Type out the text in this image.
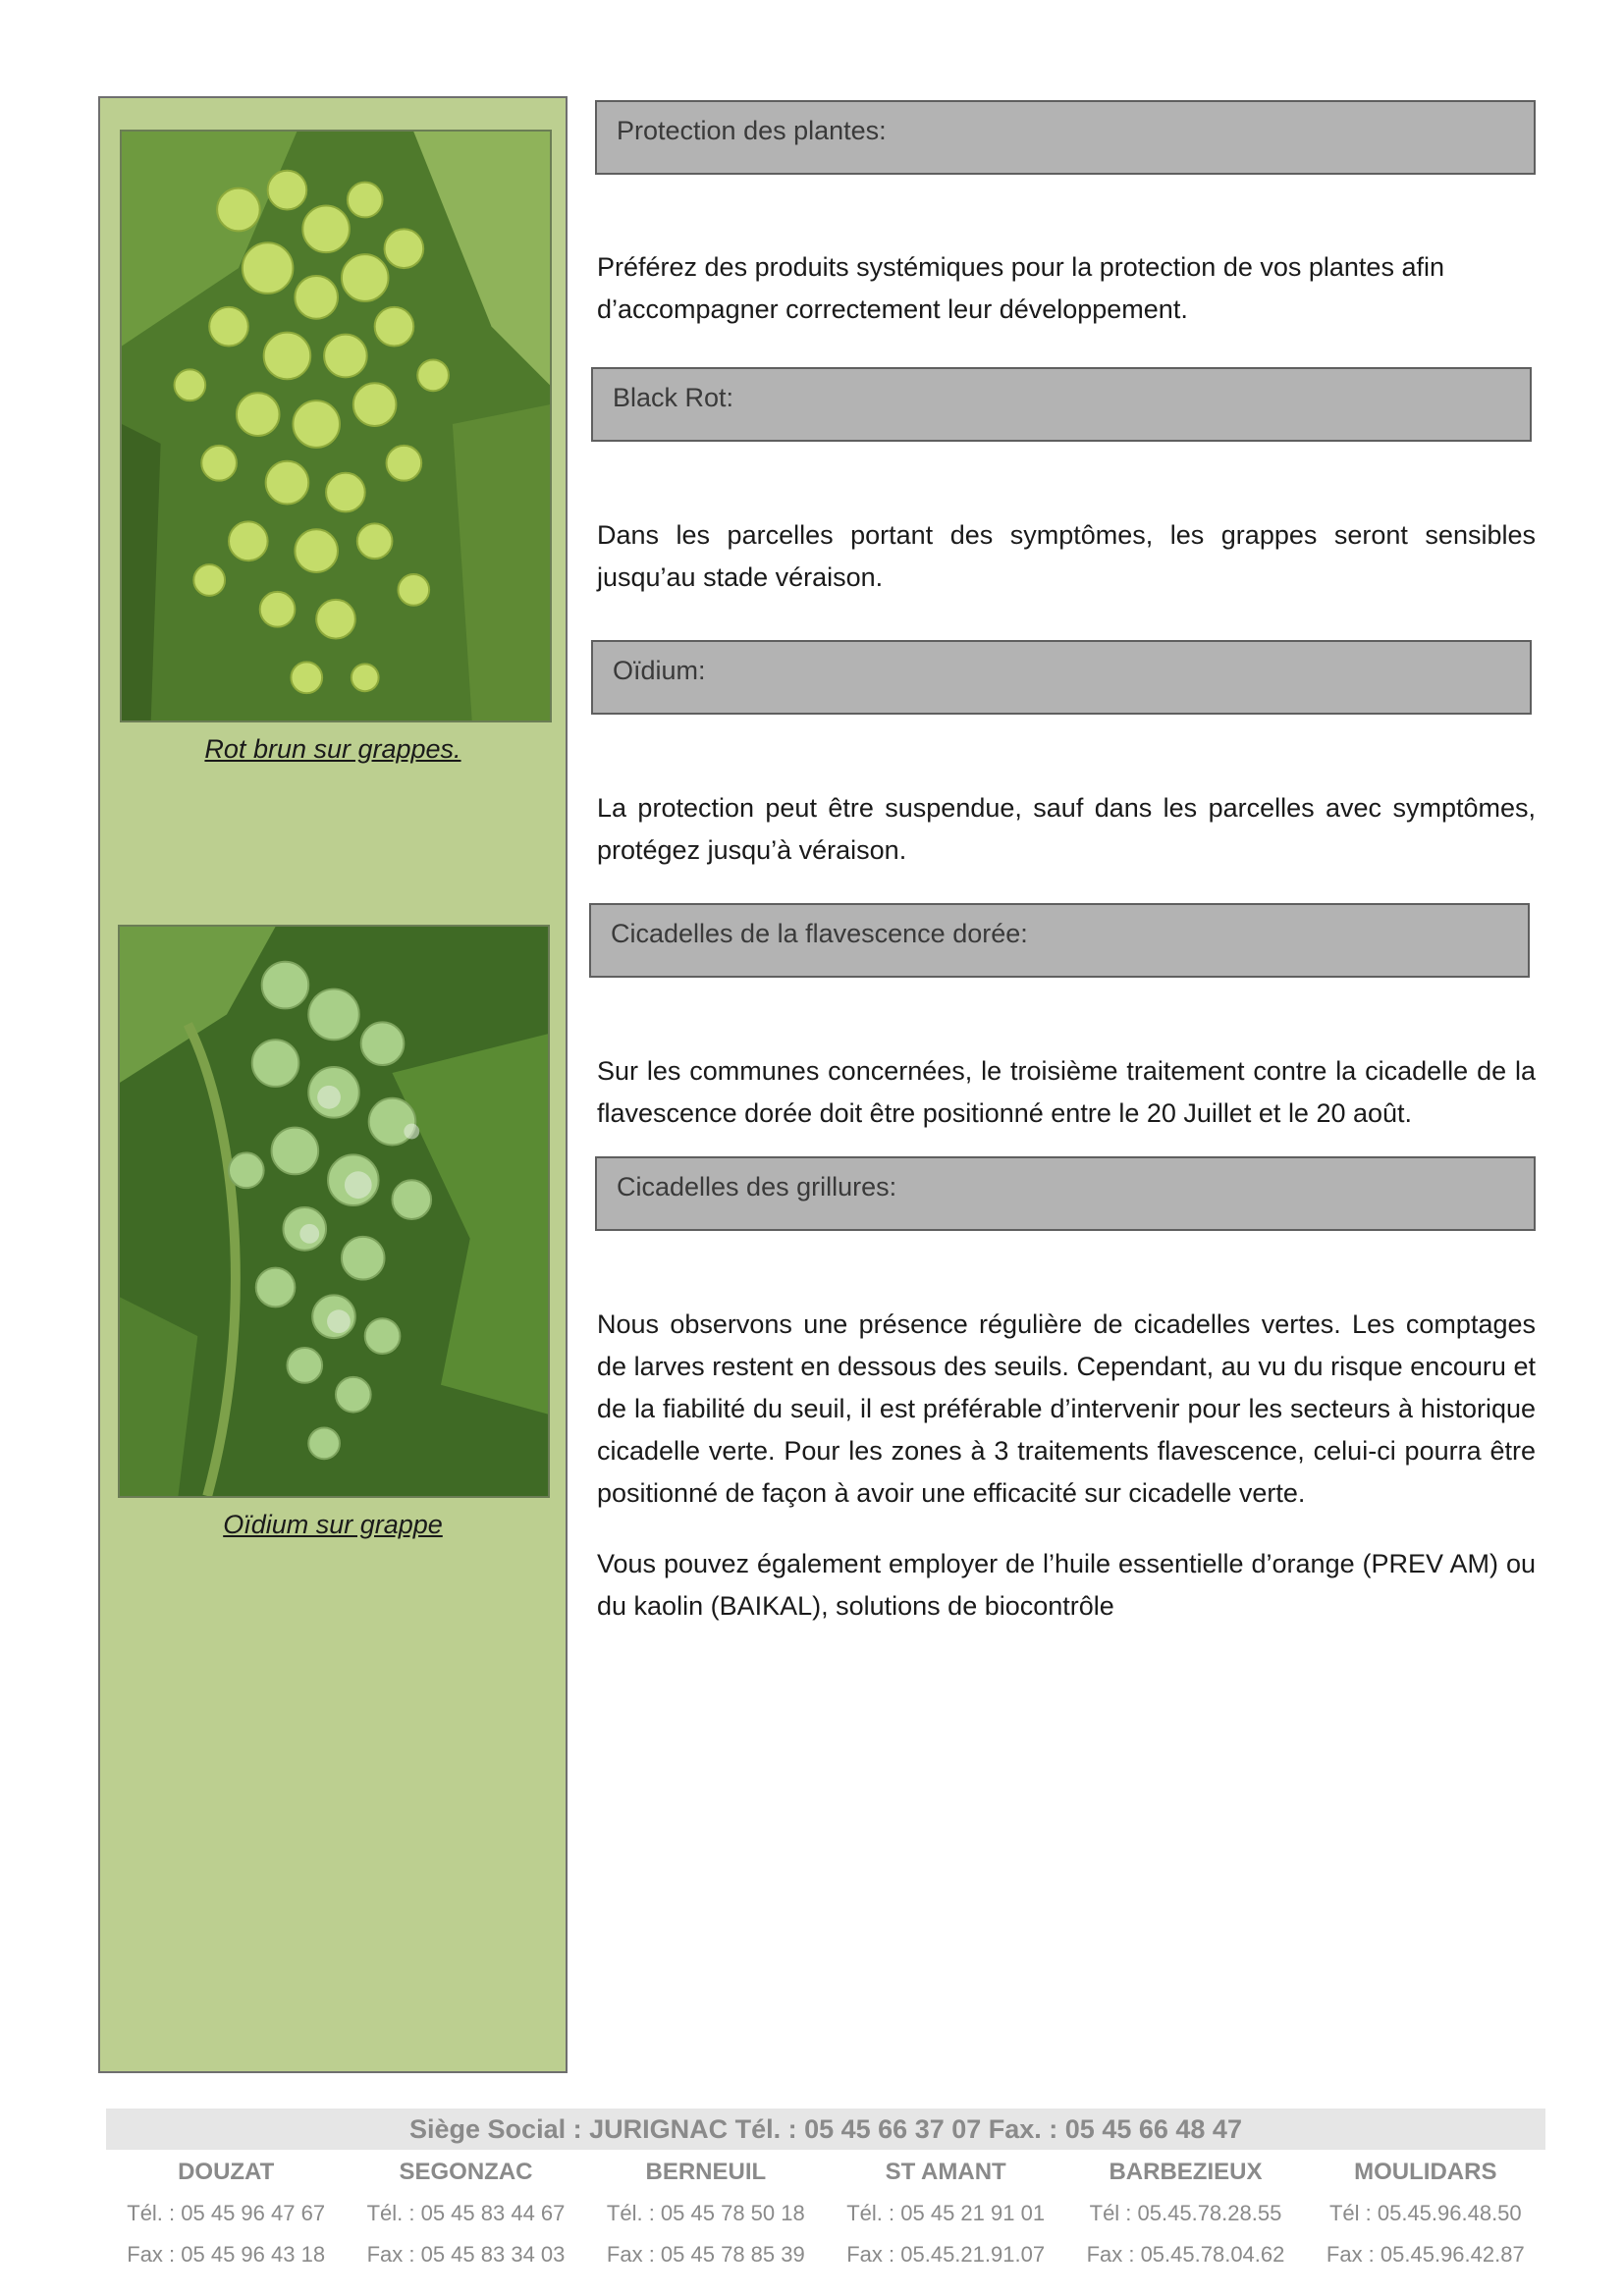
Rot brun sur grappes.
Oïdium sur grappe
Protection des plantes:
Préférez des produits systémiques pour la protection de vos plantes afin d’accompagner correctement leur développement.
Black Rot:
Dans les parcelles portant des symptômes, les grappes seront sensibles jusqu’au stade véraison.
Oïdium:
La protection peut être suspendue, sauf dans les parcelles avec symptômes, protégez jusqu’à véraison.
Cicadelles de la flavescence dorée:
Sur les communes concernées, le troisième traitement contre la cicadelle de la flavescence dorée doit être positionné entre le 20 Juillet et le 20 août.
Cicadelles des grillures:
Nous observons une présence régulière de cicadelles vertes. Les comptages de larves restent en dessous des seuils. Cependant, au vu du risque encouru et de la fiabilité du seuil, il est préférable d’intervenir pour les secteurs à historique cicadelle verte. Pour les zones à 3 traitements flavescence, celui-ci pourra être positionné de façon à avoir une efficacité sur cicadelle verte.
Vous pouvez également employer de l’huile essentielle d’orange (PREV AM) ou du kaolin (BAIKAL), solutions de biocontrôle
Siège Social : JURIGNAC Tél. : 05 45 66 37 07 Fax. : 05 45 66 48 47
DOUZAT
Tél. : 05 45 96 47 67
Fax : 05 45 96 43 18
SEGONZAC
Tél. : 05 45 83 44 67
Fax : 05 45 83 34 03
BERNEUIL
Tél. : 05 45 78 50 18
Fax : 05 45 78 85 39
ST AMANT
Tél. : 05 45 21 91 01
Fax : 05.45.21.91.07
BARBEZIEUX
Tél : 05.45.78.28.55
Fax : 05.45.78.04.62
MOULIDARS
Tél : 05.45.96.48.50
Fax : 05.45.96.42.87
